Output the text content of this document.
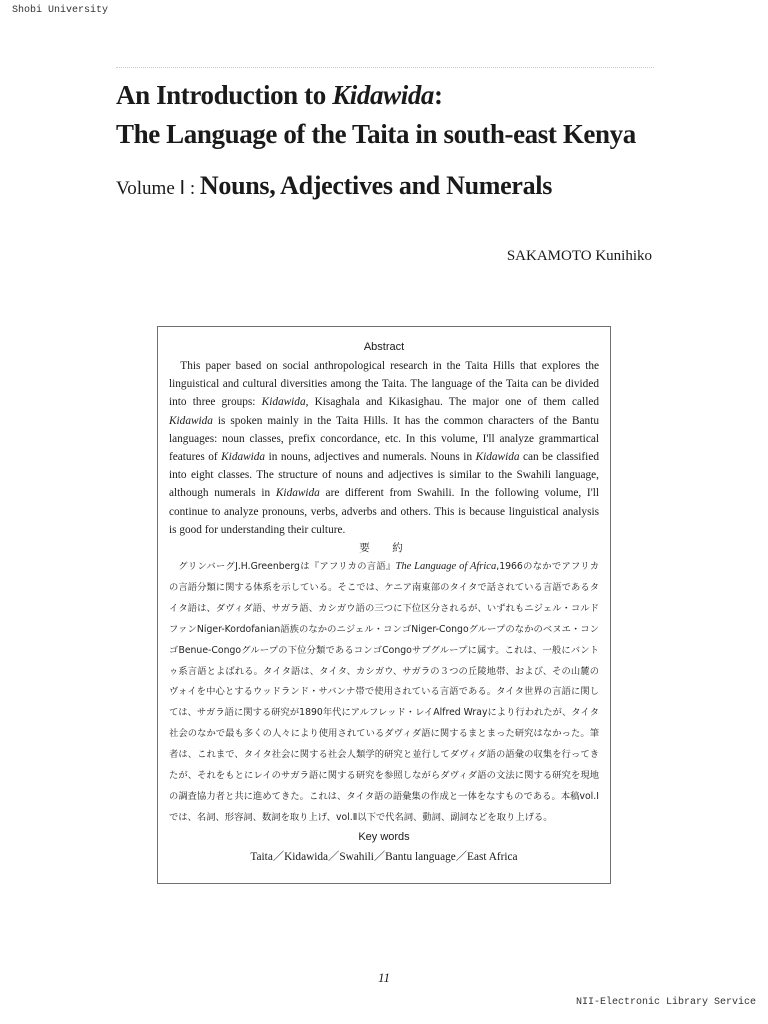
Shobi University
An Introduction to Kidawida:
The Language of the Taita in south-east Kenya
Volume Ⅰ : Nouns, Adjectives and Numerals
SAKAMOTO Kunihiko

Abstract

This paper based on social anthropological research in the Taita Hills that explores the linguistical and cultural diversities among the Taita. The language of the Taita can be divided into three groups: Kidawida, Kisaghala and Kikasighau. The major one of them called Kidawida is spoken mainly in the Taita Hills. It has the common characters of the Bantu languages: noun classes, prefix concordance, etc. In this volume, I'll analyze grammartical features of Kidawida in nouns, adjectives and numerals. Nouns in Kidawida can be classified into eight classes. The structure of nouns and adjectives is similar to the Swahili language, although numerals in Kidawida are different from Swahili. In the following volume, I'll continue to analyze pronouns, verbs, adverbs and others. This is because linguistical analysis is good for understanding their culture.

要　約

グリンバーグJ.H.Greenbergは『アフリカの言語』The Language of Africa,1966のなかでアフリカの言語分類に関する体系を示している。そこでは、ケニア南東部のタイタで話されている言語であるタイタ語は、ダヴィダ語、サガラ語、カシガウ語の三つに下位区分されるが、いずれもニジェル・コルドファンNiger-Kordofanian語族のなかのニジェル・コンゴNiger-Congoグループのなかのベヌエ・コンゴBenue-Congoグループの下位分類であるコンゴCongoサブグループに属す。これは、一般にバントゥ系言語とよばれる。タイタ語は、タイタ、カシガウ、サガラの３つの丘陵地帯、および、その山麓のヴォイを中心とするウッドランド・サバンナ帯で使用されている言語である。タイタ世界の言語に関しては、サガラ語に関する研究が1890年代にアルフレッド・レイAlfred Wrayにより行われたが、タイタ社会のなかで最も多くの人々により使用されているダヴィダ語に関するまとまった研究はなかった。筆者は、これまで、タイタ社会に関する社会人類学的研究と並行してダヴィダ語の語彙の収集を行ってきたが、それをもとにレイのサガラ語に関する研究を参照しながらダヴィダ語の文法に関する研究を現地の調査協力者と共に進めてきた。これは、タイタ語の語彙集の作成と一体をなすものである。本稿vol.Ⅰでは、名詞、形容詞、数詞を取り上げ、vol.Ⅱ以下で代名詞、動詞、副詞などを取り上げる。

Key words

Taita／Kidawida／Swahili／Bantu language／East Africa

11
NII-Electronic Library Service
